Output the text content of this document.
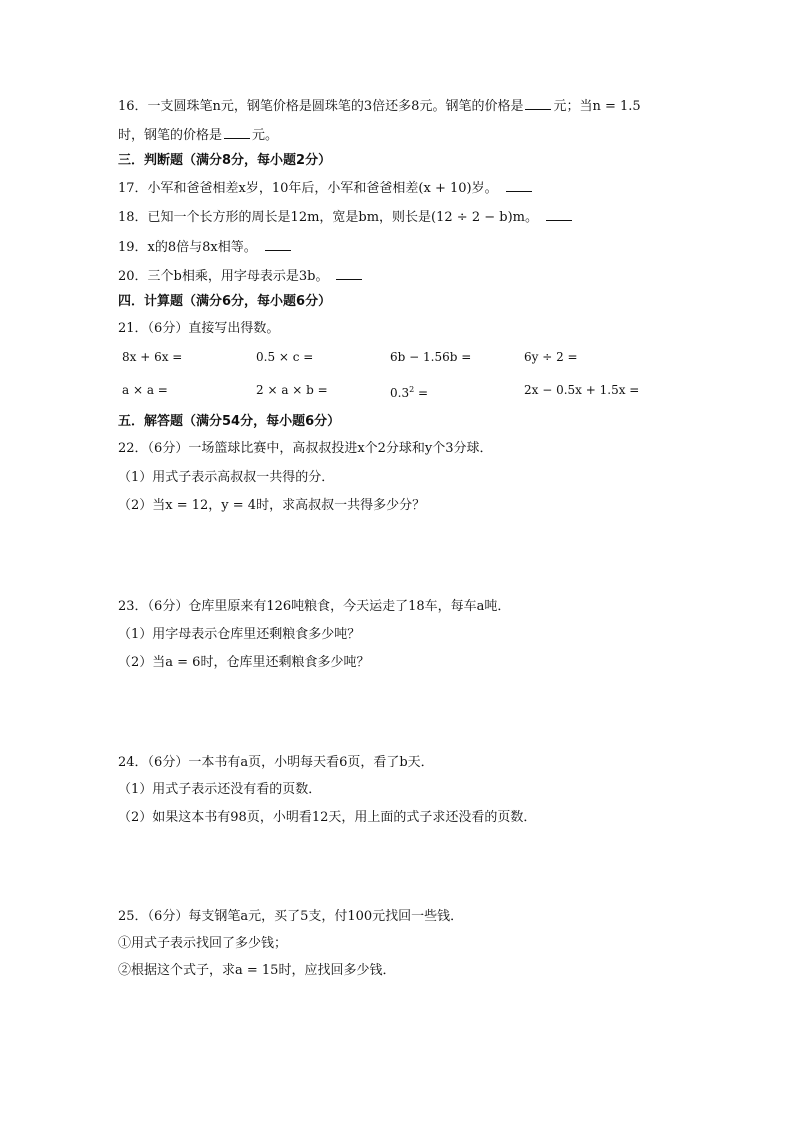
16．一支圆珠笔n元，钢笔价格是圆珠笔的3倍还多8元。钢笔的价格是 元；当n = 1.5
时，钢笔的价格是 元。
三．判断题（满分8分，每小题2分）
17．小军和爸爸相差x岁，10年后，小军和爸爸相差(x + 10)岁。
18．已知一个长方形的周长是12m，宽是bm，则长是(12 ÷ 2 − b)m。
19．x的8倍与8x相等。
20．三个b相乘，用字母表示是3b。
四．计算题（满分6分，每小题6分）
21．（6分）直接写出得数。
8x + 6x =	0.5 × c =	6b − 1.56b =	6y ÷ 2 =
a × a =	2 × a × b =	$0.3^2$ =	2x − 0.5x + 1.5x =
五．解答题（满分54分，每小题6分）
22．（6分）一场篮球比赛中，高叔叔投进x个2分球和y个3分球．
（1）用式子表示高叔叔一共得的分．
（2）当x = 12，y = 4时，求高叔叔一共得多少分？
23．（6分）仓库里原来有126吨粮食，今天运走了18车，每车a吨．
（1）用字母表示仓库里还剩粮食多少吨？
（2）当a = 6时，仓库里还剩粮食多少吨？
24．（6分）一本书有a页，小明每天看6页，看了b天．
（1）用式子表示还没有看的页数．
（2）如果这本书有98页，小明看12天，用上面的式子求还没看的页数．
25．（6分）每支钢笔a元，买了5支，付100元找回一些钱．
①用式子表示找回了多少钱；
②根据这个式子，求a = 15时，应找回多少钱．
